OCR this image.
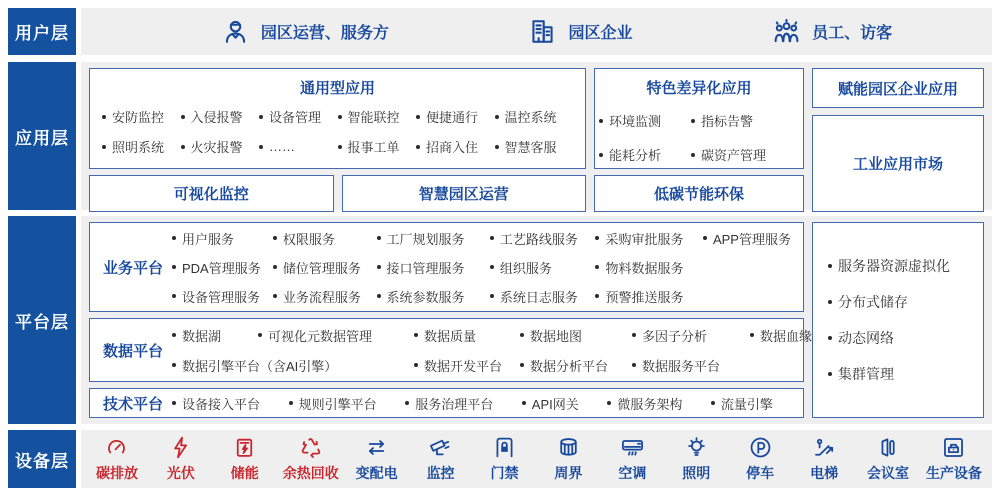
用户层	园区运营、服务方	园区企业	员工、访客
应用层
通用型应用
安防监控 入侵报警 设备管理 智能联控 便捷通行 温控系统
照明系统 火灾报警 ……	报事工单 招商入住 智慧客服
特色差异化应用
环境监测	指标告警
能耗分析	碳资产管理
赋能园区企业应用
工业应用市场
可视化监控	智慧园区运营	低碳节能环保
平台层
业务平台
用户服务	权限服务	工厂规划服务	工艺路线服务 采购审批服务 APP管理服务
PDA管理服务 储位管理服务 接口管理服务	组织服务	物料数据服务
设备管理服务 业务流程服务 系统参数服务	系统日志服务 预警推送服务
数据平台
数据湖	可视化元数据管理	数据质量	数据地图	多因子分析	数据血缘
数据引擎平台（含AI引擎）	数据开发平台 数据分析平台	数据服务平台
技术平台	设备接入平台	规则引擎平台	服务治理平台	API网关	微服务架构	流量引擎
服务器资源虚拟化
分布式储存
动态网络
集群管理
设备层
碳排放 光伏	储能 余热回收 变配电 监控	门禁	周界	空调	照明	停车	电梯 会议室 生产设备
